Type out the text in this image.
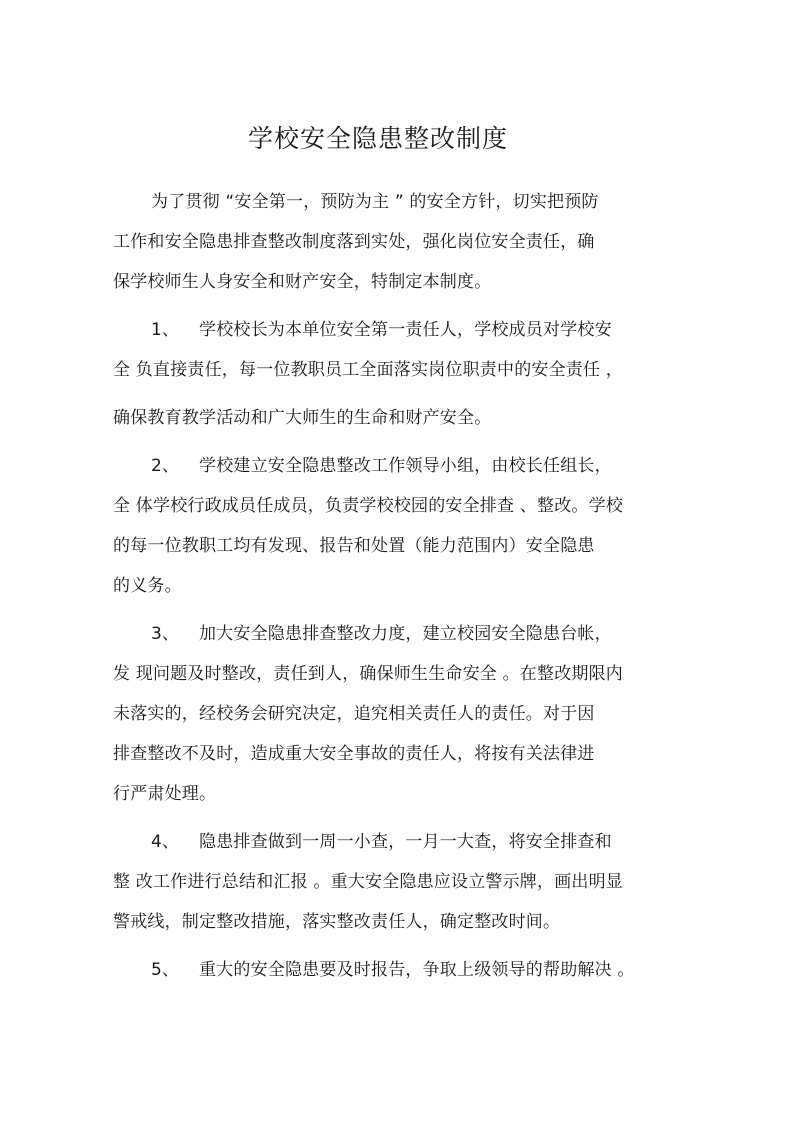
学校安全隐患整改制度
为了贯彻 “安全第一，预防为主 ” 的安全方针，切实把预防
工作和安全隐患排查整改制度落到实处，强化岗位安全责任，确
保学校师生人身安全和财产安全，特制定本制度。
1、 学校校长为本单位安全第一责任人，学校成员对学校安
全 负直接责任，每一位教职员工全面落实岗位职责中的安全责任 ，
确保教育教学活动和广大师生的生命和财产安全。
2、 学校建立安全隐患整改工作领导小组，由校长任组长，
全 体学校行政成员任成员，负责学校校园的安全排查 、整改。学校
的每一位教职工均有发现、报告和处置（能力范围内）安全隐患
的义务。
3、 加大安全隐患排查整改力度，建立校园安全隐患台帐，
发 现问题及时整改，责任到人，确保师生生命安全 。在整改期限内
未落实的，经校务会研究决定，追究相关责任人的责任。对于因
排查整改不及时，造成重大安全事故的责任人，将按有关法律进
行严肃处理。
4、 隐患排查做到一周一小查，一月一大查，将安全排查和
整 改工作进行总结和汇报 。重大安全隐患应设立警示牌，画出明显
警戒线，制定整改措施，落实整改责任人，确定整改时间。
5、 重大的安全隐患要及时报告，争取上级领导的帮助解决 。
